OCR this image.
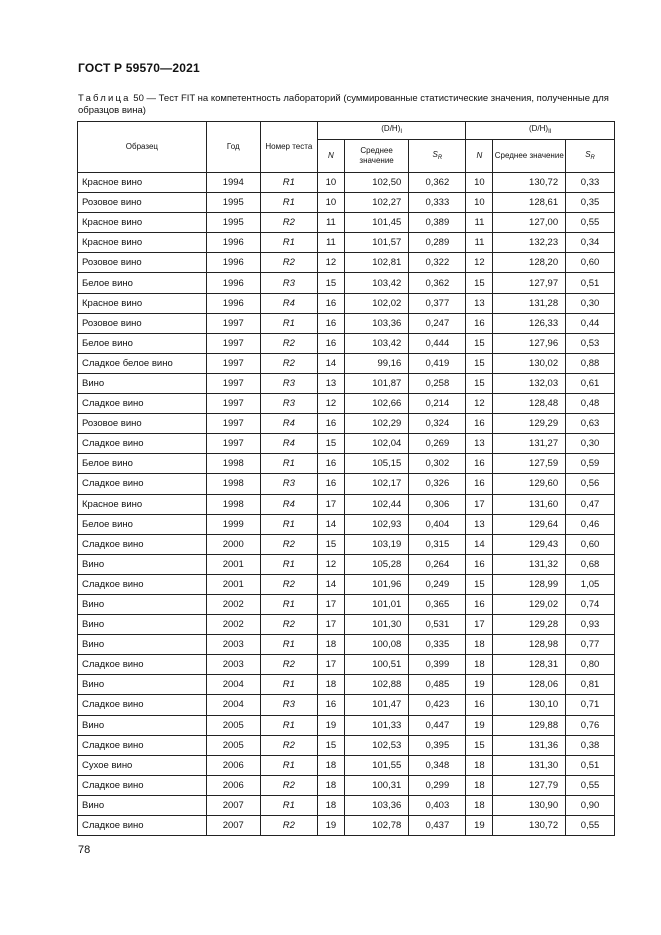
ГОСТ Р 59570—2021
Таблица 50 — Тест FIT на компетентность лабораторий (суммированные статистические значения, полученные для образцов вина)
Образец	Год	Номер теста	$(D/H)_I$			$(D/H)_{II}$
			N	Среднее значение	$S_R$	N	Среднее значение	$S_R$
Красное вино	1994	R1	10	102,50	0,362	10	130,72	0,33
Розовое вино	1995	R1	10	102,27	0,333	10	128,61	0,35
Красное вино	1995	R2	11	101,45	0,389	11	127,00	0,55
Красное вино	1996	R1	11	101,57	0,289	11	132,23	0,34
Розовое вино	1996	R2	12	102,81	0,322	12	128,20	0,60
Белое вино	1996	R3	15	103,42	0,362	15	127,97	0,51
Красное вино	1996	R4	16	102,02	0,377	13	131,28	0,30
Розовое вино	1997	R1	16	103,36	0,247	16	126,33	0,44
Белое вино	1997	R2	16	103,42	0,444	15	127,96	0,53
Сладкое белое вино	1997	R2	14	99,16	0,419	15	130,02	0,88
Вино	1997	R3	13	101,87	0,258	15	132,03	0,61
Сладкое вино	1997	R3	12	102,66	0,214	12	128,48	0,48
Розовое вино	1997	R4	16	102,29	0,324	16	129,29	0,63
Сладкое вино	1997	R4	15	102,04	0,269	13	131,27	0,30
Белое вино	1998	R1	16	105,15	0,302	16	127,59	0,59
Сладкое вино	1998	R3	16	102,17	0,326	16	129,60	0,56
Красное вино	1998	R4	17	102,44	0,306	17	131,60	0,47
Белое вино	1999	R1	14	102,93	0,404	13	129,64	0,46
Сладкое вино	2000	R2	15	103,19	0,315	14	129,43	0,60
Вино	2001	R1	12	105,28	0,264	16	131,32	0,68
Сладкое вино	2001	R2	14	101,96	0,249	15	128,99	1,05
Вино	2002	R1	17	101,01	0,365	16	129,02	0,74
Вино	2002	R2	17	101,30	0,531	17	129,28	0,93
Вино	2003	R1	18	100,08	0,335	18	128,98	0,77
Сладкое вино	2003	R2	17	100,51	0,399	18	128,31	0,80
Вино	2004	R1	18	102,88	0,485	19	128,06	0,81
Сладкое вино	2004	R3	16	101,47	0,423	16	130,10	0,71
Вино	2005	R1	19	101,33	0,447	19	129,88	0,76
Сладкое вино	2005	R2	15	102,53	0,395	15	131,36	0,38
Сухое вино	2006	R1	18	101,55	0,348	18	131,30	0,51
Сладкое вино	2006	R2	18	100,31	0,299	18	127,79	0,55
Вино	2007	R1	18	103,36	0,403	18	130,90	0,90
Сладкое вино	2007	R2	19	102,78	0,437	19	130,72	0,55
78
